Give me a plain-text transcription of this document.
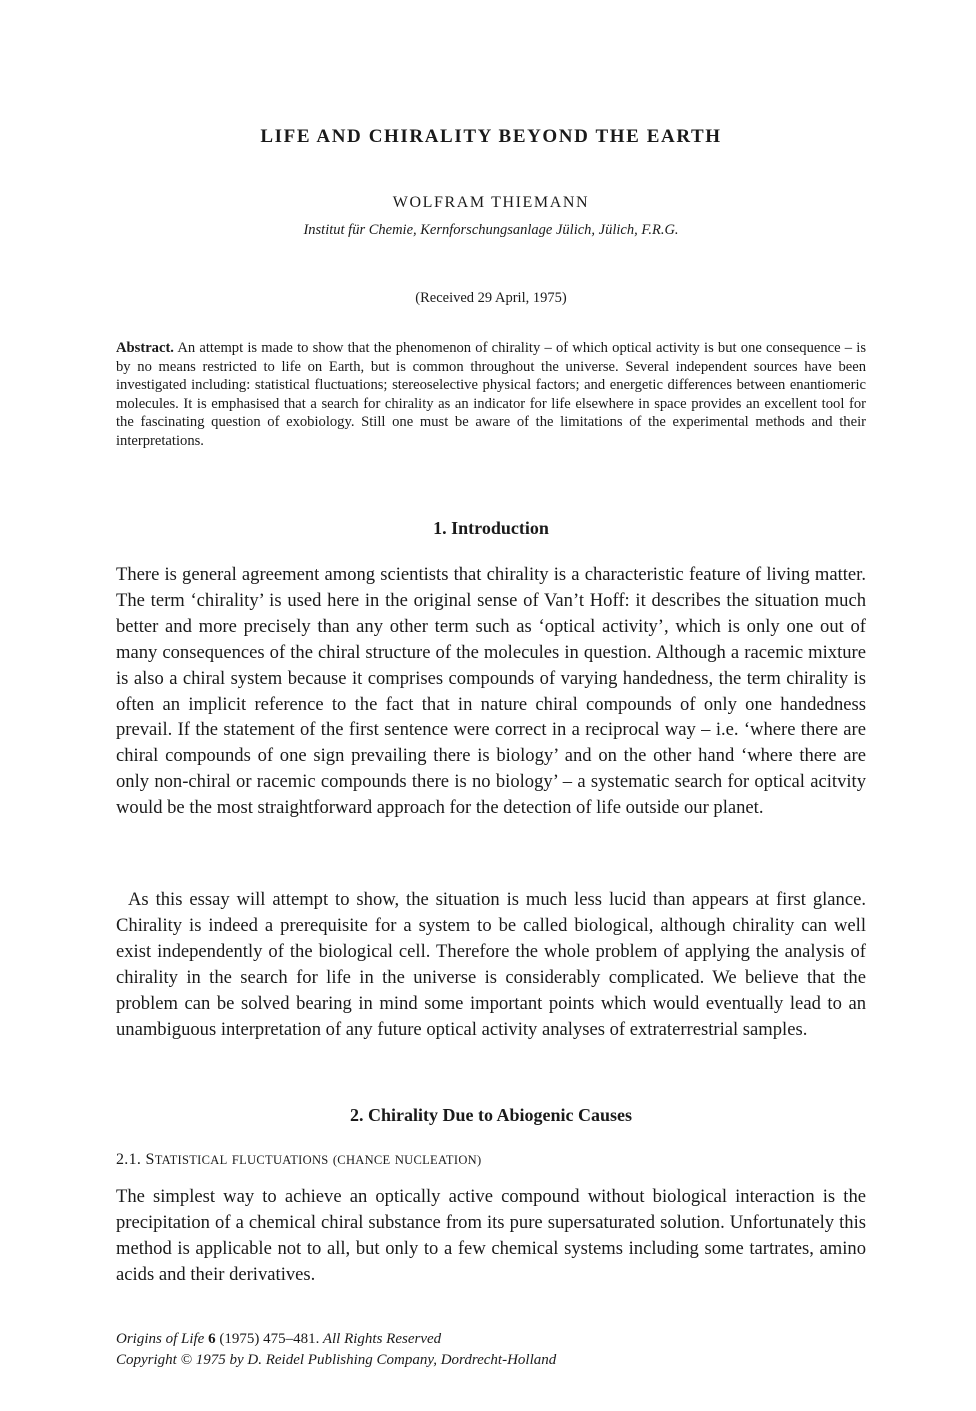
LIFE AND CHIRALITY BEYOND THE EARTH
WOLFRAM THIEMANN
Institut für Chemie, Kernforschungsanlage Jülich, Jülich, F.R.G.
(Received 29 April, 1975)

Abstract. An attempt is made to show that the phenomenon of chirality – of which optical activity is but one consequence – is by no means restricted to life on Earth, but is common throughout the universe. Several independent sources have been investigated including: statistical fluctuations; stereoselective physical factors; and energetic differences between enantiomeric molecules. It is emphasised that a search for chirality as an indicator for life elsewhere in space provides an excellent tool for the fascinating question of exobiology. Still one must be aware of the limitations of the experimental methods and their interpretations.

1. Introduction

There is general agreement among scientists that chirality is a characteristic feature of living matter. The term ‘chirality’ is used here in the original sense of Van’t Hoff: it describes the situation much better and more precisely than any other term such as ‘optical activity’, which is only one out of many consequences of the chiral structure of the molecules in question. Although a racemic mixture is also a chiral system because it comprises compounds of varying handedness, the term chirality is often an implicit reference to the fact that in nature chiral compounds of only one handedness prevail. If the statement of the first sentence were correct in a reciprocal way – i.e. ‘where there are chiral compounds of one sign prevailing there is biology’ and on the other hand ‘where there are only non-chiral or racemic compounds there is no biology’ – a systematic search for optical acitvity would be the most straightforward approach for the detection of life outside our planet.

As this essay will attempt to show, the situation is much less lucid than appears at first glance. Chirality is indeed a prerequisite for a system to be called biological, although chirality can well exist independently of the biological cell. Therefore the whole problem of applying the analysis of chirality in the search for life in the universe is considerably complicated. We believe that the problem can be solved bearing in mind some important points which would eventually lead to an unambiguous interpretation of any future optical activity analyses of extraterrestrial samples.

2. Chirality Due to Abiogenic Causes
2.1. STATISTICAL FLUCTUATIONS (CHANCE NUCLEATION)

The simplest way to achieve an optically active compound without biological interaction is the precipitation of a chemical chiral substance from its pure supersaturated solution. Unfortunately this method is applicable not to all, but only to a few chemical systems including some tartrates, amino acids and their derivatives.

Origins of Life 6 (1975) 475–481. All Rights Reserved
Copyright © 1975 by D. Reidel Publishing Company, Dordrecht-Holland
